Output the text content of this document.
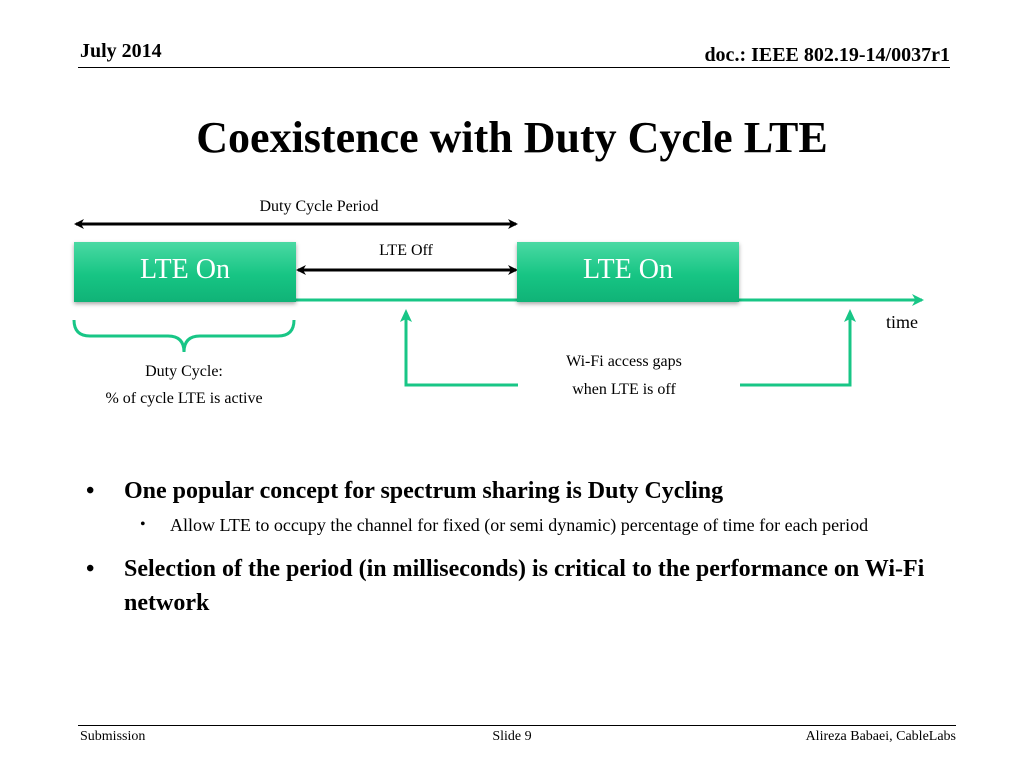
July 2014	doc.: IEEE 802.19-14/0037r1
Coexistence with Duty Cycle LTE
Duty Cycle Period
LTE Off
LTE On	LTE On
time
Duty Cycle:
% of cycle LTE is active
Wi-Fi access gaps
when LTE is off
• One popular concept for spectrum sharing is Duty Cycling
• Allow LTE to occupy the channel for fixed (or semi dynamic) percentage of time for each period
• Selection of the period (in milliseconds) is critical to the performance on Wi-Fi network
Submission	Slide 9	Alireza Babaei, CableLabs
